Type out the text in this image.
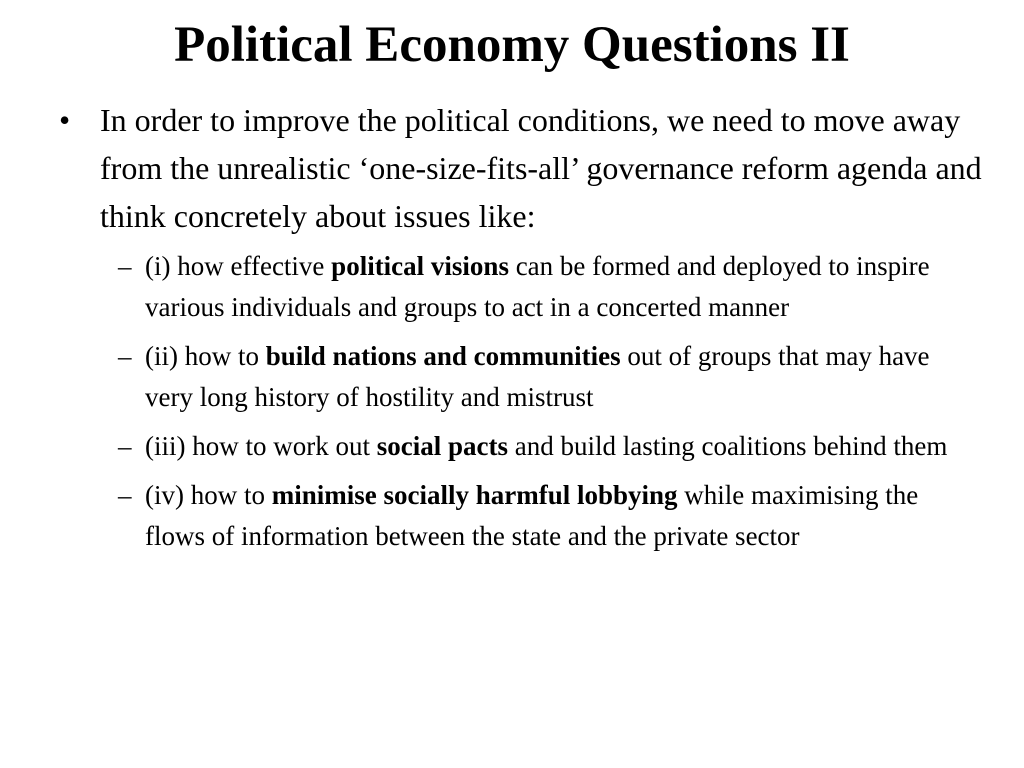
Political Economy Questions II
• In order to improve the political conditions, we need to move away from the unrealistic ‘one-size-fits-all’ governance reform agenda and think concretely about issues like:
– (i) how effective political visions can be formed and deployed to inspire various individuals and groups to act in a concerted manner
– (ii) how to build nations and communities out of groups that may have very long history of hostility and mistrust
– (iii) how to work out social pacts and build lasting coalitions behind them
– (iv) how to minimise socially harmful lobbying while maximising the flows of information between the state and the private sector
